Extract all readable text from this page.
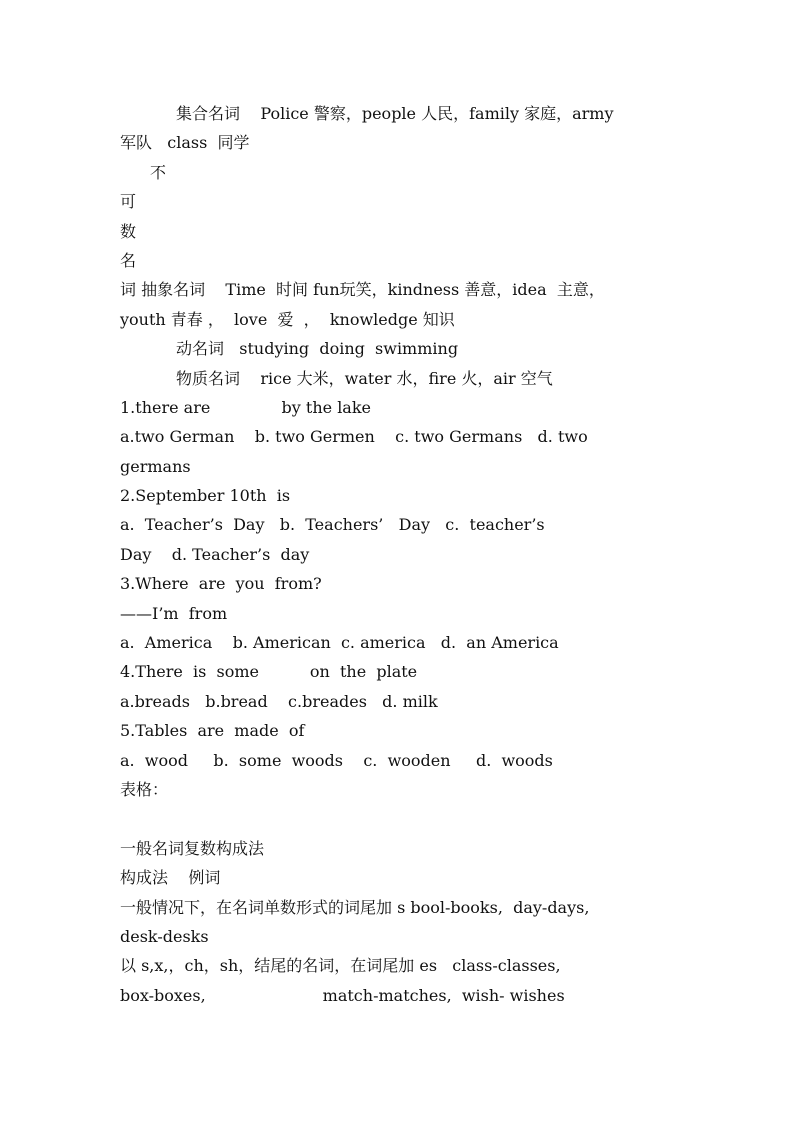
集合名词    Police 警察，people 人民，family 家庭，army
军队   class  同学
不
可
数
名
词 抽象名词    Time  时间 fun玩笑，kindness 善意，idea  主意，
youth 青春 ，  love  爱  ，  knowledge 知识
动名词   studying  doing  swimming
物质名词    rice 大米，water 水，fire 火，air 空气
1.there are              by the lake
a.two German    b. two Germen    c. two Germans   d. two
germans
2.September 10th  is
a.  Teacher’s  Day   b.  Teachers’   Day   c.  teacher’s
Day    d. Teacher’s  day
3.Where  are  you  from?
——I’m  from
a.  America    b. American  c. america   d.  an America
4.There  is  some          on  the  plate
a.breads   b.bread    c.breades   d. milk
5.Tables  are  made  of
a.  wood     b.  some  woods    c.  wooden     d.  woods
表格：
一般名词复数构成法
构成法    例词
一般情况下，在名词单数形式的词尾加 s bool-books,  day-days,
desk-desks
以 s,x,，ch，sh，结尾的名词，在词尾加 es   class-classes,
box-boxes,                       match-matches,  wish- wishes
